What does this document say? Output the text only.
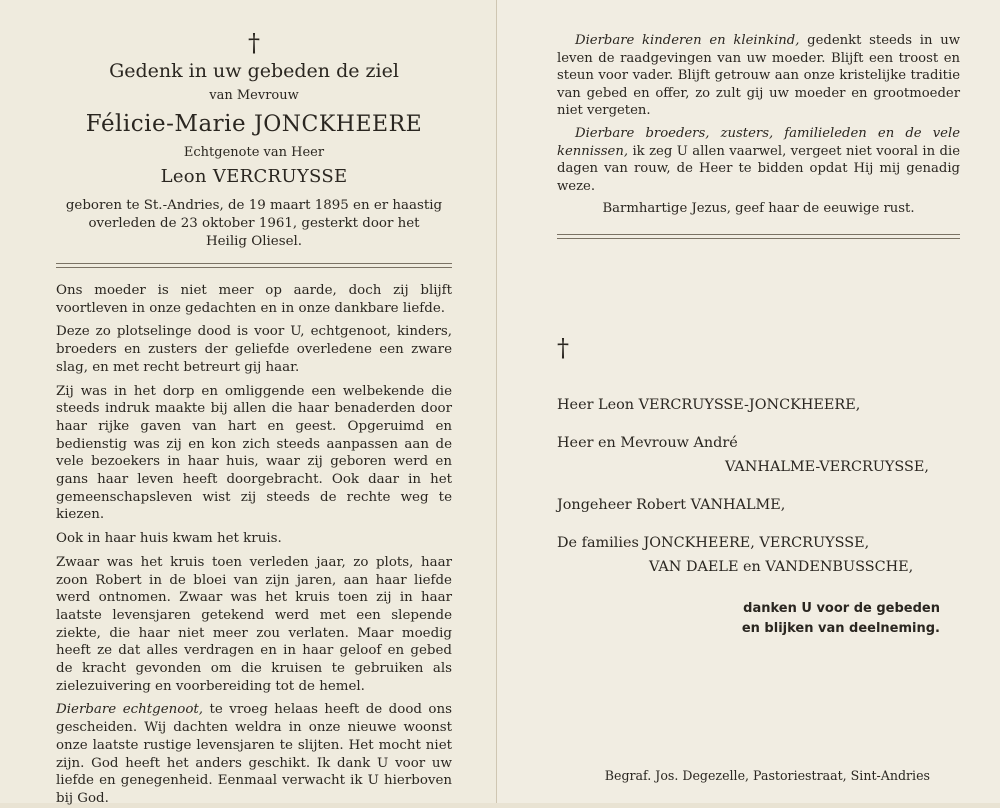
†
Gedenk in uw gebeden de ziel
van Mevrouw
Félicie-Marie JONCKHEERE
Echtgenote van Heer
Leon VERCRUYSSE
geboren te St.-Andries, de 19 maart 1895 en er haastig
overleden de 23 oktober 1961, gesterkt door het
Heilig Oliesel.

Ons moeder is niet meer op aarde, doch zij blijft voortleven in onze gedachten en in onze dankbare liefde.

Deze zo plotselinge dood is voor U, echtgenoot, kinders, broeders en zusters der geliefde overledene een zware slag, en met recht betreurt gij haar.

Zij was in het dorp en omliggende een welbekende die steeds indruk maakte bij allen die haar benaderden door haar rijke gaven van hart en geest. Opgeruimd en bedienstig was zij en kon zich steeds aanpassen aan de vele bezoekers in haar huis, waar zij geboren werd en gans haar leven heeft doorgebracht. Ook daar in het gemeenschapsleven wist zij steeds de rechte weg te kiezen.

Ook in haar huis kwam het kruis.

Zwaar was het kruis toen verleden jaar, zo plots, haar zoon Robert in de bloei van zijn jaren, aan haar liefde werd ontnomen. Zwaar was het kruis toen zij in haar laatste levensjaren getekend werd met een slepende ziekte, die haar niet meer zou verlaten. Maar moedig heeft ze dat alles verdragen en in haar geloof en gebed de kracht gevonden om die kruisen te gebruiken als zielezuivering en voorbereiding tot de hemel.

Dierbare echtgenoot, te vroeg helaas heeft de dood ons gescheiden. Wij dachten weldra in onze nieuwe woonst onze laatste rustige levensjaren te slijten. Het mocht niet zijn. God heeft het anders geschikt. Ik dank U voor uw liefde en genegenheid. Eenmaal verwacht ik U hierboven bij God.

Dierbare kinderen en kleinkind, gedenkt steeds in uw leven de raadgevingen van uw moeder. Blijft een troost en steun voor vader. Blijft getrouw aan onze kristelijke traditie van gebed en offer, zo zult gij uw moeder en grootmoeder niet vergeten.

Dierbare broeders, zusters, familieleden en de vele kennissen, ik zeg U allen vaarwel, vergeet niet vooral in die dagen van rouw, de Heer te bidden opdat Hij mij genadig weze.

Barmhartige Jezus, geef haar de eeuwige rust.

†
Heer Leon VERCRUYSSE-JONCKHEERE,
Heer en Mevrouw André
VANHALME-VERCRUYSSE,
Jongeheer Robert VANHALME,
De families JONCKHEERE, VERCRUYSSE,
VAN DAELE en VANDENBUSSCHE,
danken U voor de gebeden
en blijken van deelneming.
Begraf. Jos. Degezelle, Pastoriestraat, Sint-Andries
